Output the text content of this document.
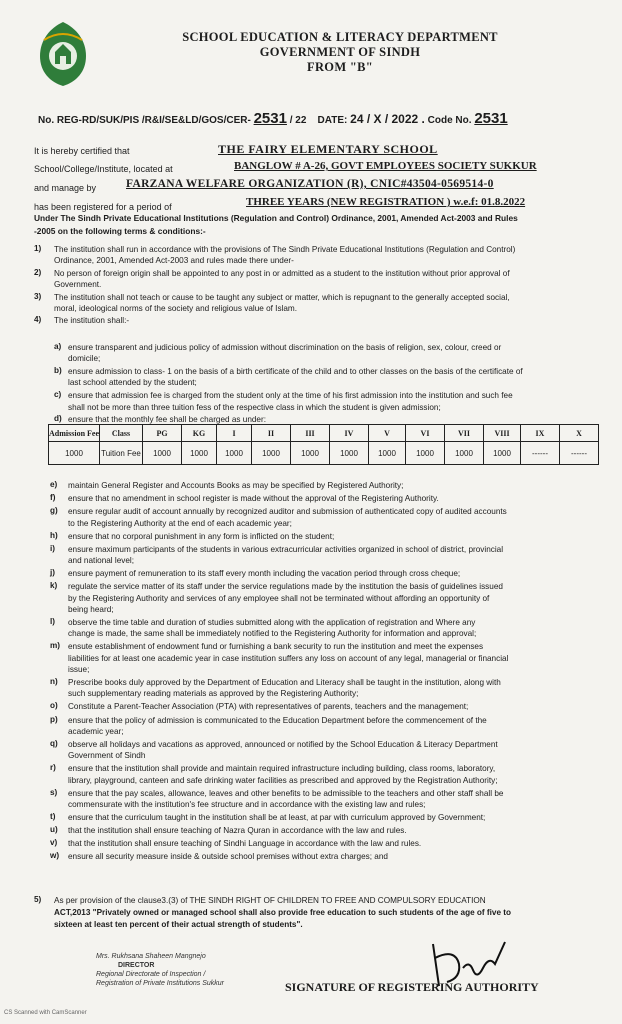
SCHOOL EDUCATION & LITERACY DEPARTMENT
GOVERNMENT OF SINDH
FROM "B"
No. REG-RD/SUK/PIS /R&I/SE&LD/GOS/CER- 2531 / 22 DATE: 24 / X / 2022 . Code No. 2531
It is hereby certified that	THE FAIRY ELEMENTARY SCHOOL
School/College/Institute, located at	BANGLOW # A-26, GOVT EMPLOYEES SOCIETY SUKKUR
and manage by	FARZANA WELFARE ORGANIZATION (R), CNIC#43504-0569514-0
has been registered for a period of	THREE YEARS (NEW REGISTRATION ) w.e.f: 01.8.2022
Under The Sindh Private Educational Institutions (Regulation and Control) Ordinance, 2001, Amended Act-2003 and Rules
-2005 on the following terms & conditions:-
1) The institution shall run in accordance with the provisions of The Sindh Private Educational Institutions (Regulation and Control)
Ordinance, 2001, Amended Act-2003 and rules made there under-
2) No person of foreign origin shall be appointed to any post in or admitted as a student to the institution without prior approval of
Government.
3) The institution shall not teach or cause to be taught any subject or matter, which is repugnant to the generally accepted social,
moral, ideological norms of the society and religious value of Islam.
4) The institution shall:-
a) ensure transparent and judicious policy of admission without discrimination on the basis of religion, sex, colour, creed or
domicile;
b) ensure admission to class- 1 on the basis of a birth certificate of the child and to other classes on the basis of the certificate of
last school attended by the student;
c) ensure that admission fee is charged from the student only at the time of his first admission into the institution and such fee
shall not be more than three tuition fess of the respective class in which the student is given admission;
d) ensure that the monthly fee shall be charged as under:
Admission Fee	Class	PG	KG	I	II	III	IV	V	VI	VII	VIII	IX	X
1000	Tuition Fee	1000	1000	1000	1000	1000	1000	1000	1000	1000	1000	------	------
e) maintain General Register and Accounts Books as may be specified by Registered Authority;
f) ensure that no amendment in school register is made without the approval of the Registering Authority.
g) ensure regular audit of account annually by recognized auditor and submission of authenticated copy of audited accounts
to the Registering Authority at the end of each academic year;
h) ensure that no corporal punishment in any form is inflicted on the student;
i) ensure maximum participants of the students in various extracurricular activities organized in school of district, provincial
and national level;
j) ensure payment of remuneration to its staff every month including the vacation period through cross cheque;
k) regulate the service matter of its staff under the service regulations made by the institution the basis of guidelines issued
by the Registering Authority and services of any employee shall not be terminated without affording an opportunity of
being heard;
l) observe the time table and duration of studies submitted along with the application of registration and Where any
change is made, the same shall be immediately notified to the Registering Authority for information and approval;
m) ensute establishment of endowment fund or furnishing a bank security to run the institution and meet the expenses
liabilities for at least one academic year in case institution suffers any loss on account of any legal, managerial or financial
issue;
n) Prescribe books duly approved by the Department of Education and Literacy shall be taught in the institution, along with
such supplementary reading materials as approved by the Registering Authority;
o) Constitute a Parent-Teacher Association (PTA) with representatives of parents, teachers and the management;
p) ensure that the policy of admission is communicated to the Education Department before the commencement of the
academic year;
q) observe all holidays and vacations as approved, announced or notified by the School Education & Literacy Department
Government of Sindh
r) ensure that the institution shall provide and maintain required infrastructure including building, class rooms, laboratory,
library, playground, canteen and safe drinking water facilities as prescribed and approved by the Registration Authority;
s) ensure that the pay scales, allowance, leaves and other benefits to be admissible to the teachers and other staff shall be
commensurate with the institution's fee structure and in accordance with the existing law and rules;
t) ensure that the curriculum taught in the institution shall be at least, at par with curriculum approved by Government;
u) that the institution shall ensure teaching of Nazra Quran in accordance with the law and rules.
v) that the institution shall ensure teaching of Sindhi Language in accordance with the law and rules.
w) ensure all security measure inside & outside school premises without extra charges; and
5) As per provision of the clause3.(3) of THE SINDH RIGHT OF CHILDREN TO FREE AND COMPULSORY EDUCATION
ACT,2013 "Privately owned or managed school shall also provide free education to such students of the age of five to
sixteen at least ten percent of their actual strength of students".
Mrs. Rukhsana Shaheen Mangnejo
DIRECTOR
Regional Directorate of Inspection /
Registration of Private Institutions Sukkur	SIGNATURE OF REGISTERING AUTHORITY
CS Scanned with CamScanner
